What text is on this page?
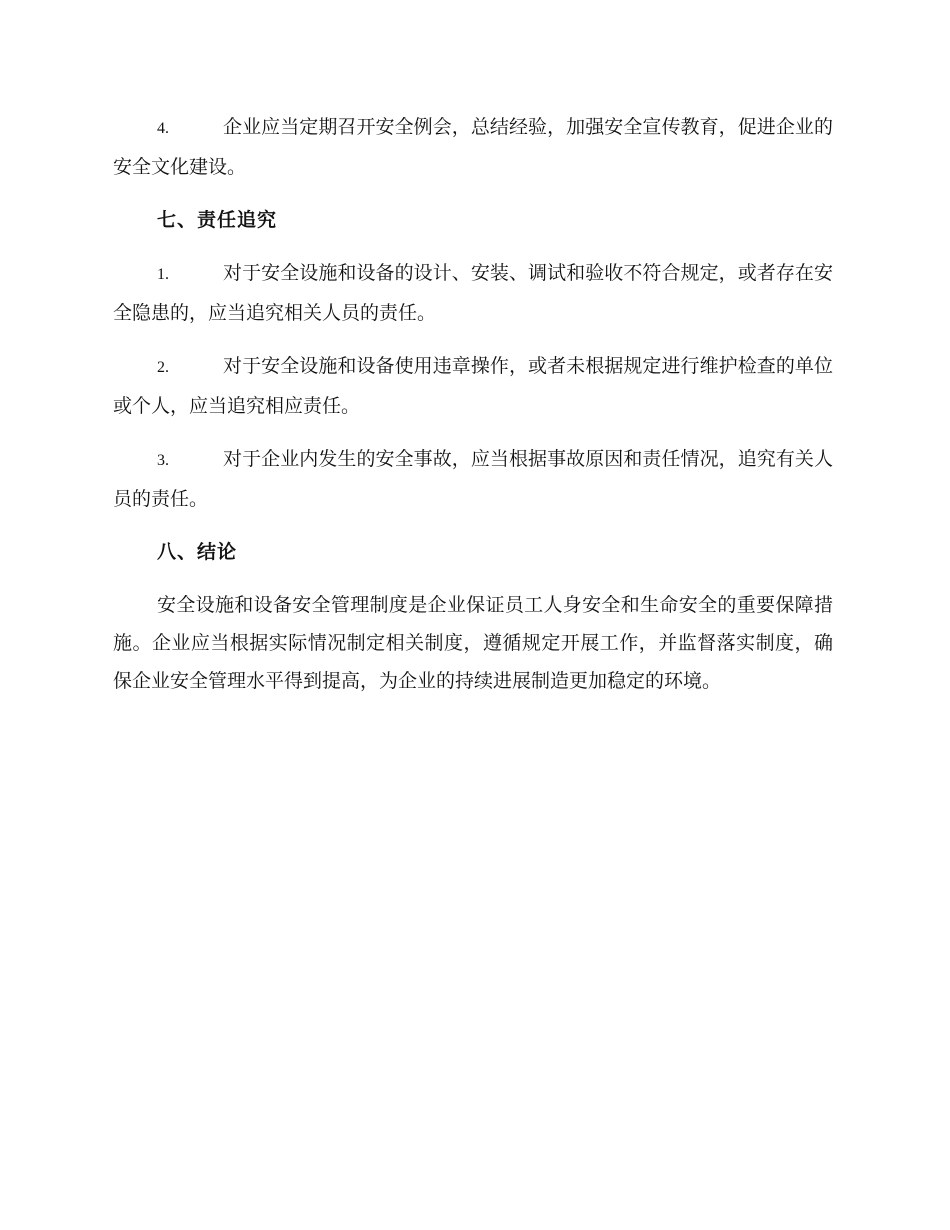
4.	企业应当定期召开安全例会，总结经验，加强安全宣传教育，促进企业的安全文化建设。

七、责任追究

1.	对于安全设施和设备的设计、安装、调试和验收不符合规定，或者存在安全隐患的，应当追究相关人员的责任。

2.	对于安全设施和设备使用违章操作，或者未根据规定进行维护检查的单位或个人，应当追究相应责任。

3.	对于企业内发生的安全事故，应当根据事故原因和责任情况，追究有关人员的责任。

八、结论

安全设施和设备安全管理制度是企业保证员工人身安全和生命安全的重要保障措施。企业应当根据实际情况制定相关制度，遵循规定开展工作，并监督落实制度，确保企业安全管理水平得到提高，为企业的持续进展制造更加稳定的环境。
